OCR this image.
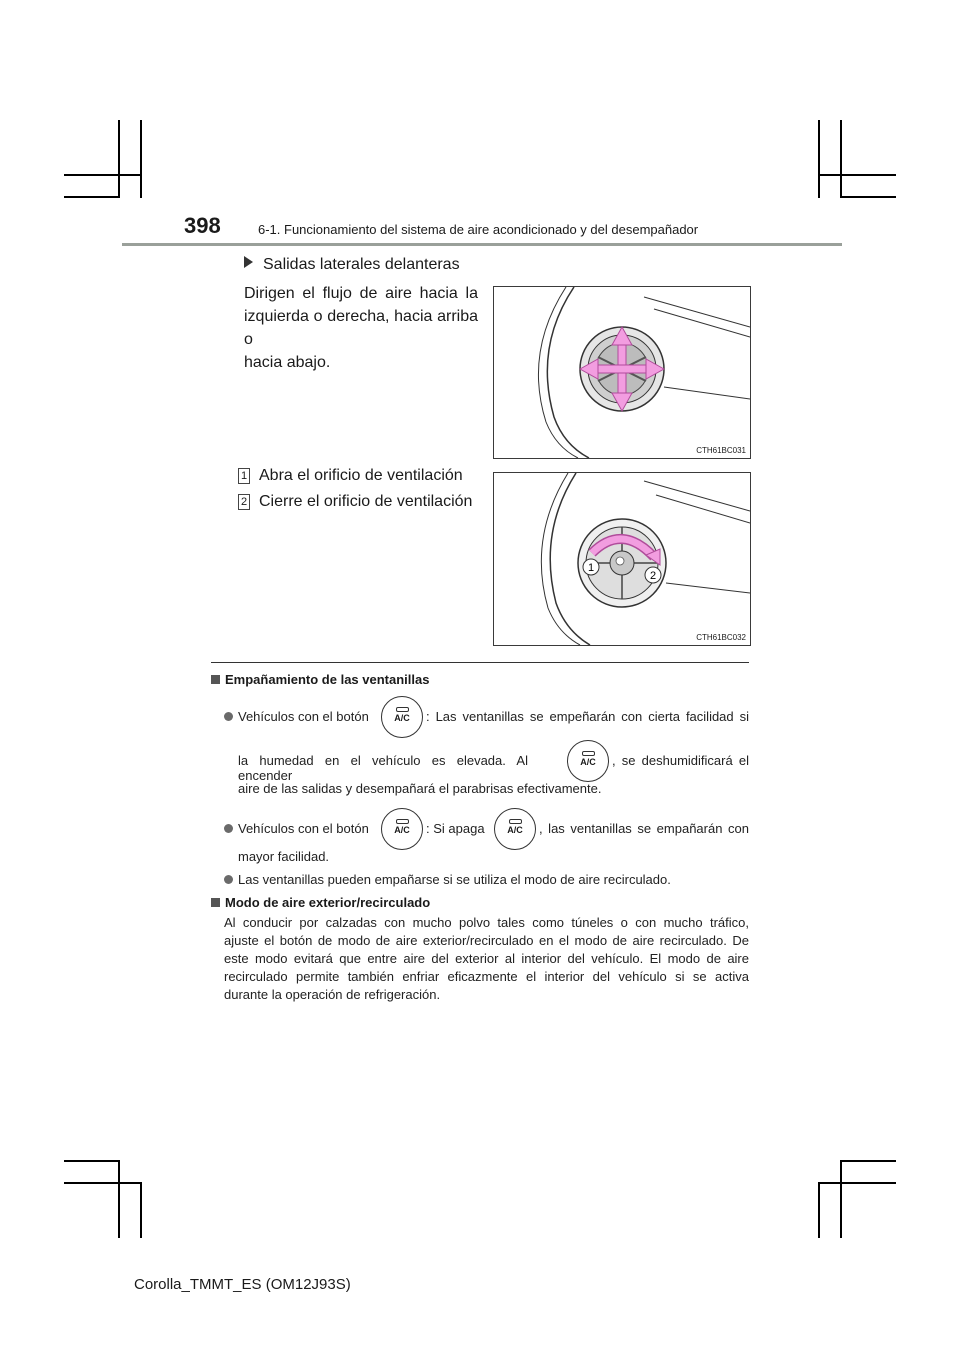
398	6-1. Funcionamiento del sistema de aire acondicionado y del desempañador
Salidas laterales delanteras
Dirigen el flujo de aire hacia la
izquierda o derecha, hacia arriba o
hacia abajo.
CTH61BC031
1 Abra el orificio de ventilación
2 Cierre el orificio de ventilación
1
2
CTH61BC032
Empañamiento de las ventanillas
Vehículos con el botón	A/C	: Las ventanillas se empeñarán con cierta facilidad si
la humedad en el vehículo es elevada. Al encender
A/C	, se deshumidificará el
aire de las salidas y desempañará el parabrisas efectivamente.
Vehículos con el botón	A/C	: Si apaga	A/C	, las ventanillas se empañarán con
mayor facilidad.
Las ventanillas pueden empañarse si se utiliza el modo de aire recirculado.
Modo de aire exterior/recirculado
Al conducir por calzadas con mucho polvo tales como túneles o con mucho tráfico,
ajuste el botón de modo de aire exterior/recirculado en el modo de aire recirculado. De
este modo evitará que entre aire del exterior al interior del vehículo. El modo de aire
recirculado permite también enfriar eficazmente el interior del vehículo si se activa
durante la operación de refrigeración.
Corolla_TMMT_ES (OM12J93S)
